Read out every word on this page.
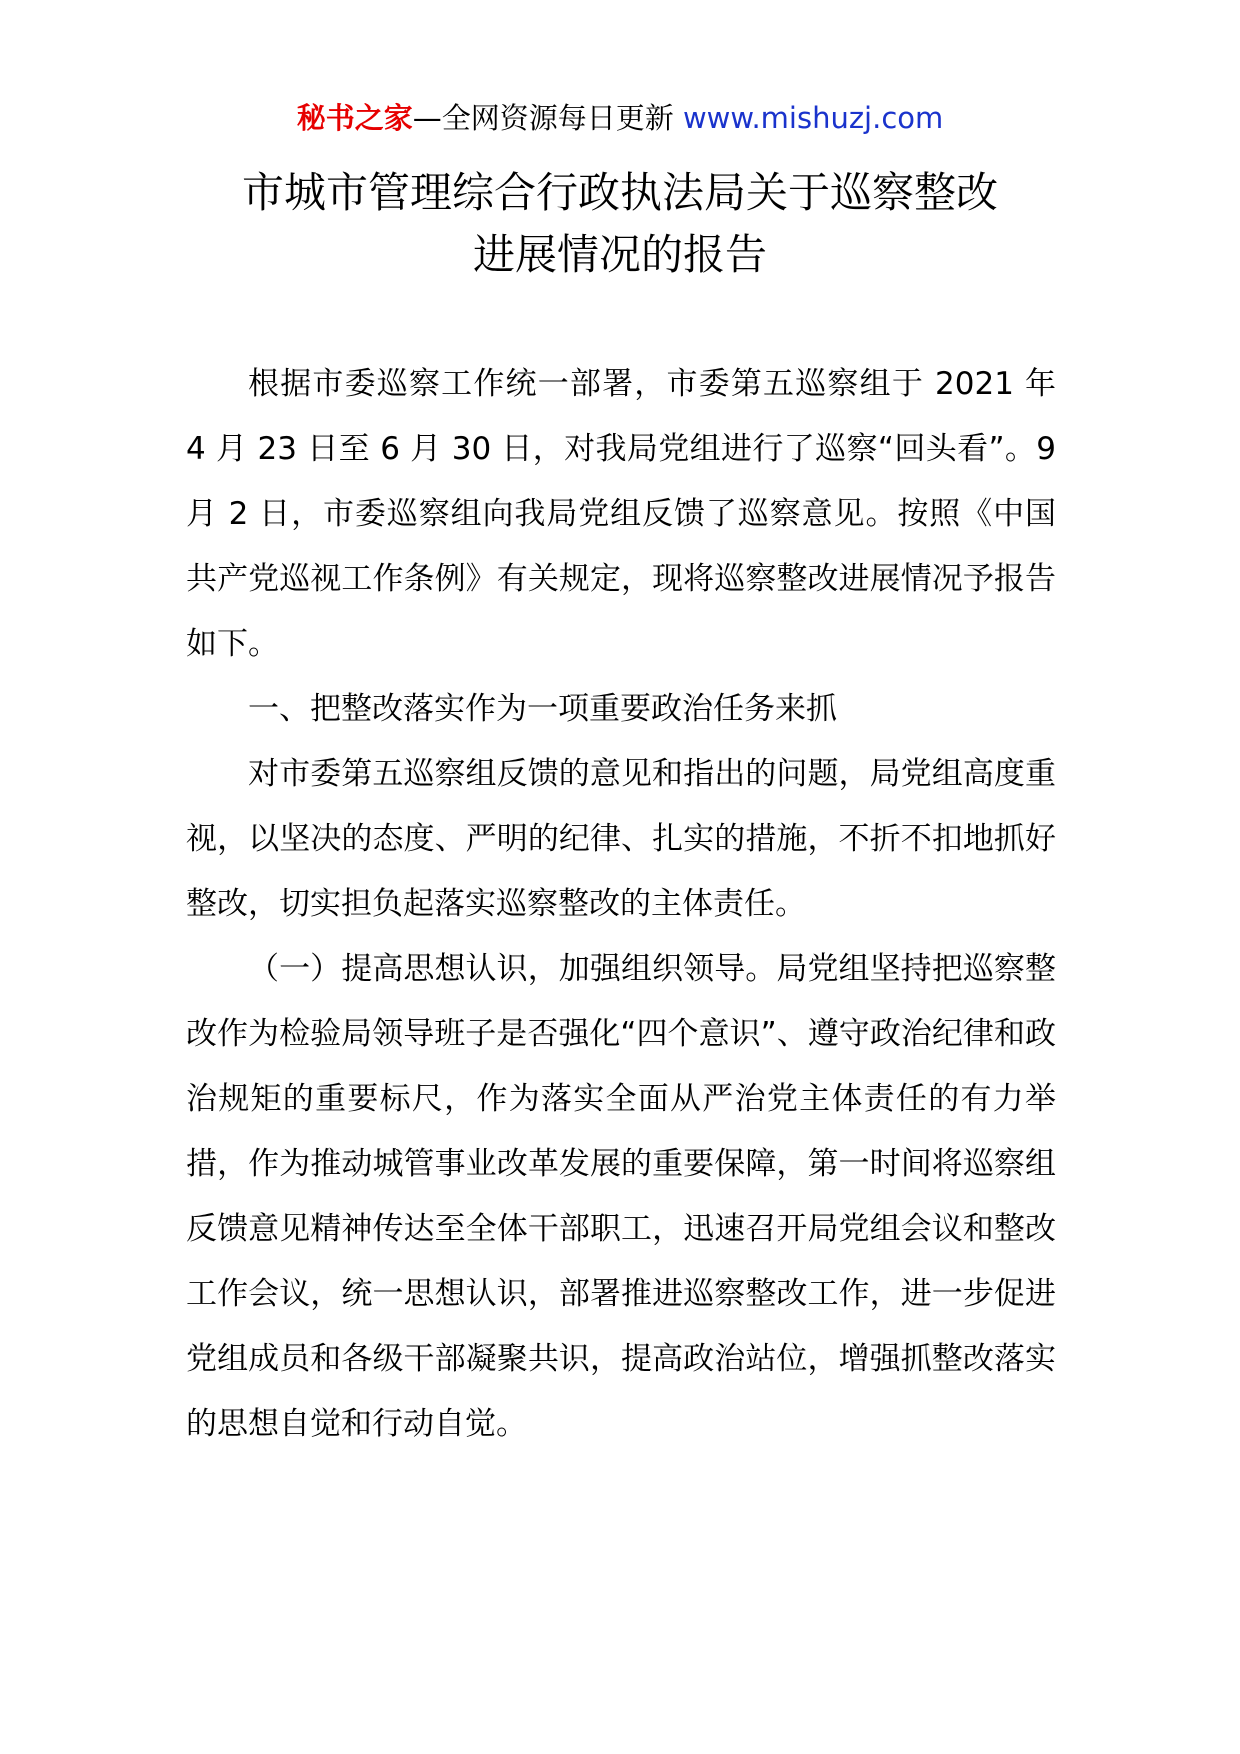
秘书之家—全网资源每日更新 www.mishuzj.com
市城市管理综合行政执法局关于巡察整改
进展情况的报告

根据市委巡察工作统一部署，市委第五巡察组于 2021 年 4 月 23 日至 6 月 30 日，对我局党组进行了巡察“回头看”。9 月 2 日，市委巡察组向我局党组反馈了巡察意见。按照《中国共产党巡视工作条例》有关规定，现将巡察整改进展情况予报告如下。

一、把整改落实作为一项重要政治任务来抓

对市委第五巡察组反馈的意见和指出的问题，局党组高度重视，以坚决的态度、严明的纪律、扎实的措施，不折不扣地抓好整改，切实担负起落实巡察整改的主体责任。

（一）提高思想认识，加强组织领导。局党组坚持把巡察整改作为检验局领导班子是否强化“四个意识”、遵守政治纪律和政治规矩的重要标尺，作为落实全面从严治党主体责任的有力举措，作为推动城管事业改革发展的重要保障，第一时间将巡察组反馈意见精神传达至全体干部职工，迅速召开局党组会议和整改工作会议，统一思想认识，部署推进巡察整改工作，进一步促进党组成员和各级干部凝聚共识，提高政治站位，增强抓整改落实的思想自觉和行动自觉。
